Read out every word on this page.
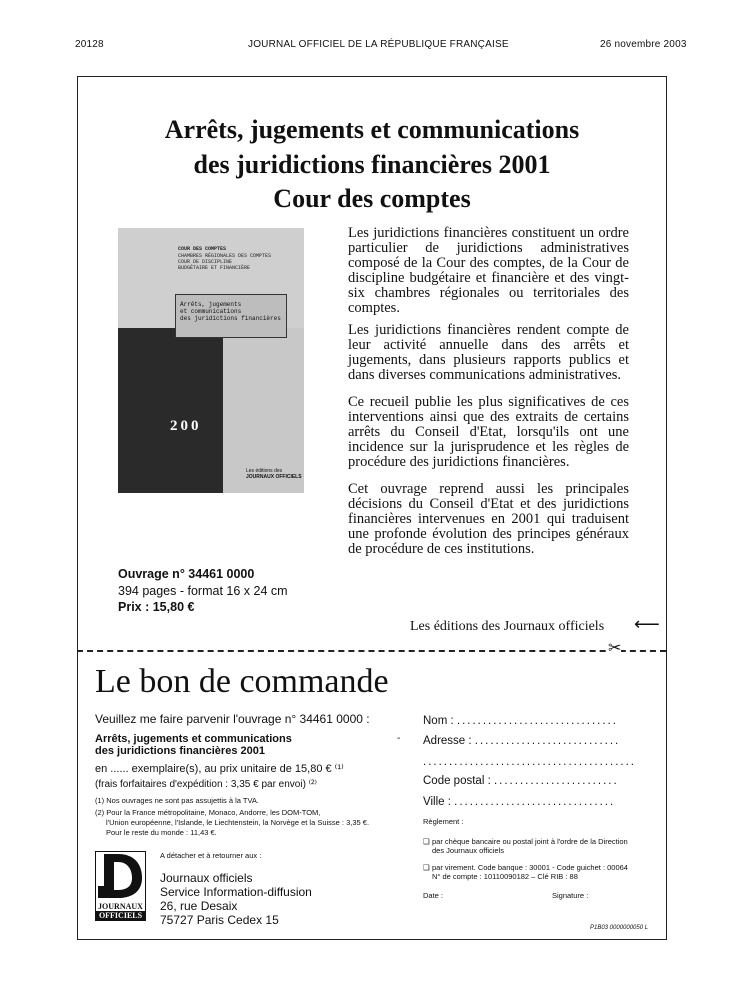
20128	JOURNAL OFFICIEL DE LA RÉPUBLIQUE FRANÇAISE	26 novembre 2003
Arrêts, jugements et communications
des juridictions financières 2001
Cour des comptes
COUR DES COMPTES
CHAMBRES RÉGIONALES DES COMPTES
COUR DE DISCIPLINE
BUDGÉTAIRE ET FINANCIÈRE
Arrêts, jugements
et communications
des juridictions financières
200
Les éditions des
JOURNAUX OFFICIELS
Les juridictions financières constituent un ordre particulier de juridictions administratives composé de la Cour des comptes, de la Cour de discipline budgétaire et financière et des vingt-six chambres régionales ou territoriales des comptes.
Les juridictions financières rendent compte de leur activité annuelle dans des arrêts et jugements, dans plusieurs rapports publics et dans diverses communications administratives.
Ce recueil publie les plus significatives de ces interventions ainsi que des extraits de certains arrêts du Conseil d'Etat, lorsqu'ils ont une incidence sur la jurisprudence et les règles de procédure des juridictions financières.
Cet ouvrage reprend aussi les principales décisions du Conseil d'Etat et des juridictions financières intervenues en 2001 qui traduisent une profonde évolution des principes généraux de procédure de ces institutions.
Ouvrage n° 34461 0000
394 pages - format 16 x 24 cm
Prix : 15,80 €
Les éditions des Journaux officiels ⟵
✂
Le bon de commande
Veuillez me faire parvenir l'ouvrage n° 34461 0000 :
Arrêts, jugements et communications
des juridictions financières 2001
-
en ...... exemplaire(s), au prix unitaire de 15,80 € ⁽¹⁾
(frais forfaitaires d'expédition : 3,35 € par envoi) ⁽²⁾
(1) Nos ouvrages ne sont pas assujettis à la TVA.
(2) Pour la France métropolitaine, Monaco, Andorre, les DOM-TOM,
l'Union européenne, l'Islande, le Liechtenstein, la Norvège et la Suisse : 3,35 €.
Pour le reste du monde : 11,43 €.
A détacher et à retourner aux :
JOURNAUX
OFFICIELS
Journaux officiels
Service Information-diffusion
26, rue Desaix
75727 Paris Cedex 15
Nom : ...............................
Adresse : ............................
.........................................
Code postal : ........................
Ville : ...............................
Règlement :
❑ par chèque bancaire ou postal joint à l'ordre de la Direction
des Journaux officiels
❑ par virement. Code banque : 30001 - Code guichet : 00064
N° de compte : 10110090182 – Clé RIB : 88
Date :	Signature :
P1B03 0000000050 L
